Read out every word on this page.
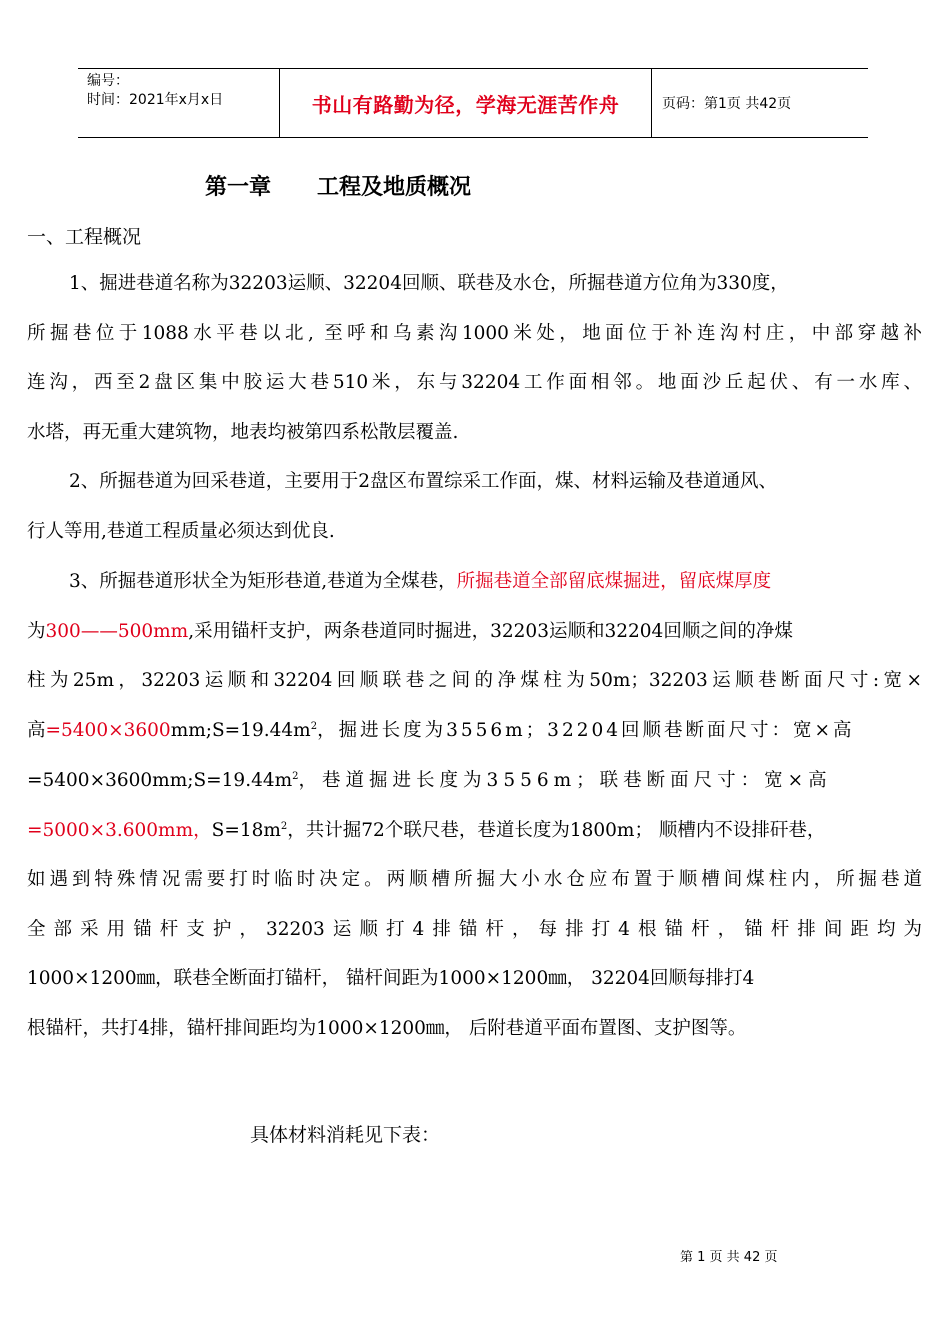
编号：
时间：2021年x月x日	书山有路勤为径，学海无涯苦作舟	页码：第1页 共42页
第一章      工程及地质概况
一、工程概况
1、掘进巷道名称为32203运顺、32204回顺、联巷及水仓，所掘巷道方位角为330度，
所掘巷位于1088水平巷以北, 至呼和乌素沟1000米处，地面位于补连沟村庄，中部穿越补
连沟，西至2盘区集中胶运大巷510米，东与32204工作面相邻。地面沙丘起伏、有一水库、
水塔，再无重大建筑物，地表均被第四系松散层覆盖.
2、所掘巷道为回采巷道，主要用于2盘区布置综采工作面，煤、材料运输及巷道通风、
行人等用,巷道工程质量必须达到优良.
3、所掘巷道形状全为矩形巷道,巷道为全煤巷，所掘巷道全部留底煤掘进，留底煤厚度
为300——500mm,采用锚杆支护，两条巷道同时掘进，32203运顺和32204回顺之间的净煤
柱为25m，32203运顺和32204回顺联巷之间的净煤柱为50m；32203运顺巷断面尺寸:宽×
高$=5400\times 3600mm;S=19.44m^2$，掘进长度为3556m；32204回顺巷断面尺寸：宽×高
$=5400\times 3600mm;S=19.44m^2$，巷道掘进长度为3556m；联巷断面尺寸：宽×高
=5000×3.600mm，$S=18m^2$，共计掘72个联尺巷，巷道长度为1800m； 顺槽内不设排矸巷，
如遇到特殊情况需要打时临时决定。两顺槽所掘大小水仓应布置于顺槽间煤柱内，所掘巷道
全部采用锚杆支护，32203运顺打4排锚杆，每排打4根锚杆，锚杆排间距均为
1000×1200㎜，联巷全断面打锚杆， 锚杆间距为1000×1200㎜， 32204回顺每排打4
根锚杆，共打4排，锚杆排间距均为1000×1200㎜， 后附巷道平面布置图、支护图等。
具体材料消耗见下表：
第 1 页 共 42 页
